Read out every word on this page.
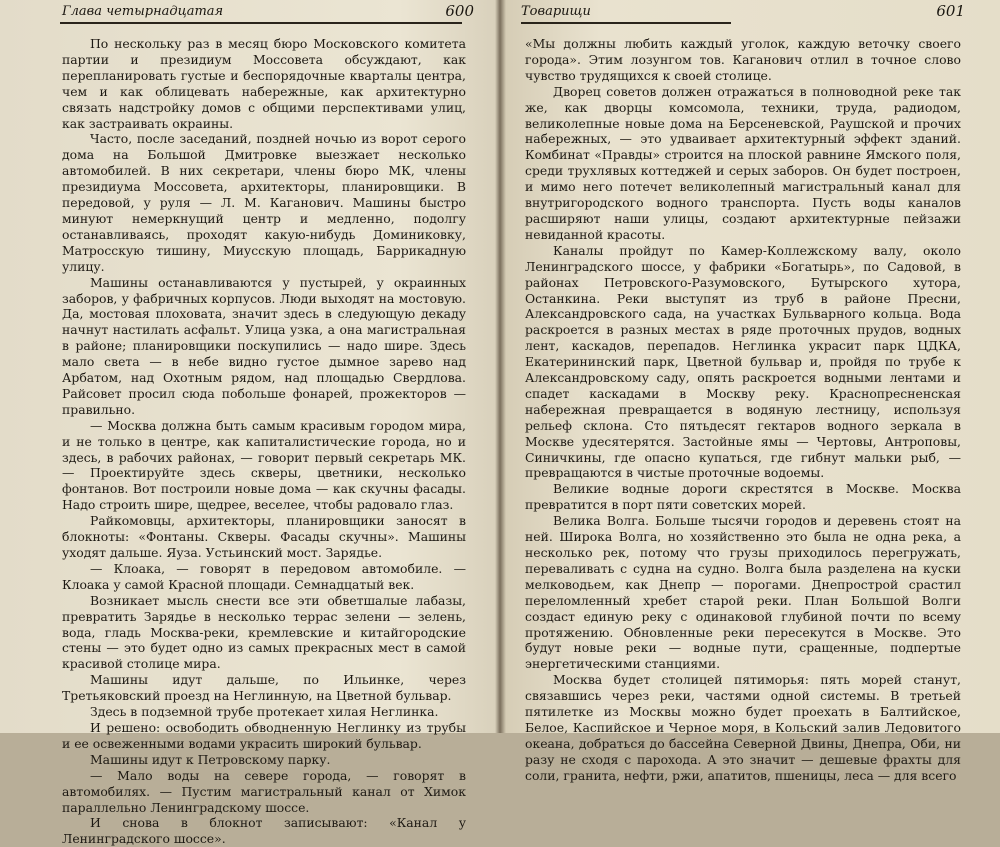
Глава четырнадцатая	600

По нескольку раз в месяц бюро Московского комитета партии и президиум Моссовета обсуждают, как перепланировать густые и беспорядочные кварталы центра, чем и как облицевать набережные, как архитектурно связать надстройку домов с общими перспективами улиц, как застраивать окраины.

Часто, после заседаний, поздней ночью из ворот серого дома на Большой Дмитровке выезжает несколько автомобилей. В них секретари, члены бюро МК, члены президиума Моссовета, архитекторы, планировщики. В передовой, у руля — Л. М. Каганович. Машины быстро минуют немеркнущий центр и медленно, подолгу останавливаясь, проходят какую-нибудь Доминиковку, Матросскую тишину, Миусскую площадь, Баррикадную улицу.

Машины останавливаются у пустырей, у окраинных заборов, у фабричных корпусов. Люди выходят на мостовую. Да, мостовая плоховата, значит здесь в следующую декаду начнут настилать асфальт. Улица узка, а она магистральная в районе; планировщики поскупились — надо шире. Здесь мало света — в небе видно густое дымное зарево над Арбатом, над Охотным рядом, над площадью Свердлова. Райсовет просил сюда побольше фонарей, прожекторов — правильно.

— Москва должна быть самым красивым городом мира, и не только в центре, как капиталистические города, но и здесь, в рабочих районах, — говорит первый секретарь МК. — Проектируйте здесь скверы, цветники, несколько фонтанов. Вот построили новые дома — как скучны фасады. Надо строить шире, щедрее, веселее, чтобы радовало глаз.

Райкомовцы, архитекторы, планировщики заносят в блокноты: «Фонтаны. Скверы. Фасады скучны». Машины уходят дальше. Яуза. Устьинский мост. Зарядье.

— Клоака, — говорят в передовом автомобиле. — Клоака у самой Красной площади. Семнадцатый век.

Возникает мысль снести все эти обветшалые лабазы, превратить Зарядье в несколько террас зелени — зелень, вода, гладь Москва-реки, кремлевские и китайгородские стены — это будет одно из самых прекрасных мест в самой красивой столице мира.

Машины идут дальше, по Ильинке, через Третьяковский проезд на Неглинную, на Цветной бульвар.

Здесь в подземной трубе протекает хилая Неглинка.

И решено: освободить обводненную Неглинку из трубы и ее освеженными водами украсить широкий бульвар.

Машины идут к Петровскому парку.

— Мало воды на севере города, — говорят в автомобилях. — Пустим магистральный канал от Химок параллельно Ленинградскому шоссе.

И снова в блокнот записывают: «Канал у Ленинградского шоссе».

Товарищи	601

«Мы должны любить каждый уголок, каждую веточку своего города». Этим лозунгом тов. Каганович отлил в точное слово чувство трудящихся к своей столице.

Дворец советов должен отражаться в полноводной реке так же, как дворцы комсомола, техники, труда, радиодом, великолепные новые дома на Берсеневской, Раушской и прочих набережных, — это удваивает архитектурный эффект зданий. Комбинат «Правды» строится на плоской равнине Ямского поля, среди трухлявых коттеджей и серых заборов. Он будет построен, и мимо него потечет великолепный магистральный канал для внутригородского водного транспорта. Пусть воды каналов расширяют наши улицы, создают архитектурные пейзажи невиданной красоты.

Каналы пройдут по Камер-Коллежскому валу, около Ленинградского шоссе, у фабрики «Богатырь», по Садовой, в районах Петровского-Разумовского, Бутырского хутора, Останкина. Реки выступят из труб в районе Пресни, Александровского сада, на участках Бульварного кольца. Вода раскроется в разных местах в ряде проточных прудов, водных лент, каскадов, перепадов. Неглинка украсит парк ЦДКА, Екатерининский парк, Цветной бульвар и, пройдя по трубе к Александровскому саду, опять раскроется водными лентами и спадет каскадами в Москву реку. Краснопресненская набережная превращается в водяную лестницу, используя рельеф склона. Сто пятьдесят гектаров водного зеркала в Москве удесятерятся. Застойные ямы — Чертовы, Антроповы, Синичкины, где опасно купаться, где гибнут мальки рыб, — превращаются в чистые проточные водоемы.

Великие водные дороги скрестятся в Москве. Москва превратится в порт пяти советских морей.

Велика Волга. Больше тысячи городов и деревень стоят на ней. Широка Волга, но хозяйственно это была не одна река, а несколько рек, потому что грузы приходилось перегружать, переваливать с судна на судно. Волга была разделена на куски мелководьем, как Днепр — порогами. Днепрострой срастил переломленный хребет старой реки. План Большой Волги создаст единую реку с одинаковой глубиной почти по всему протяжению. Обновленные реки пересекутся в Москве. Это будут новые реки — водные пути, сращенные, подпертые энергетическими станциями.

Москва будет столицей пятиморья: пять морей станут, связавшись через реки, частями одной системы. В третьей пятилетке из Москвы можно будет проехать в Балтийское, Белое, Каспийское и Черное моря, в Кольский залив Ледовитого океана, добраться до бассейна Северной Двины, Днепра, Оби, ни разу не сходя с парохода. А это значит — дешевые фрахты для соли, гранита, нефти, ржи, апатитов, пшеницы, леса — для всего
